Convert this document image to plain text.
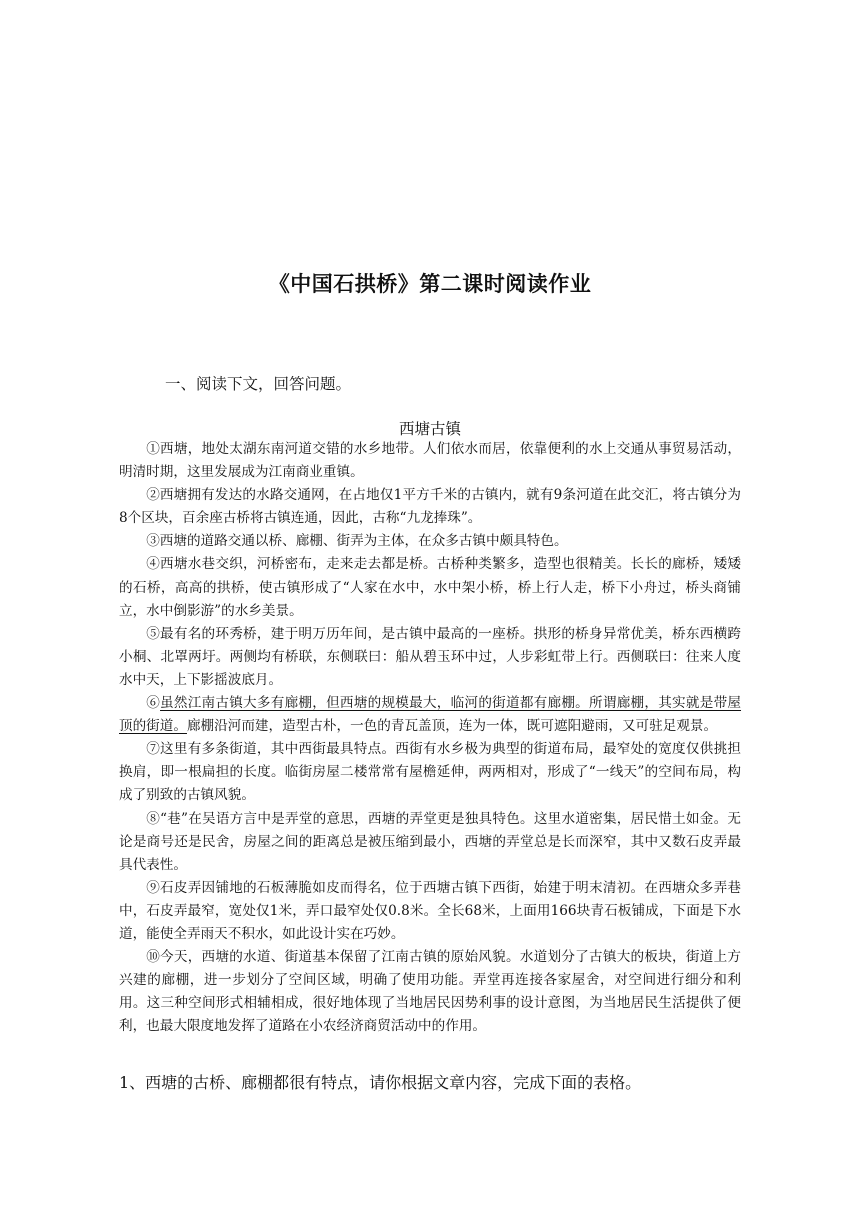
《中国石拱桥》第二课时阅读作业
一、阅读下文，回答问题。
西塘古镇

①西塘，地处太湖东南河道交错的水乡地带。人们依水而居，依靠便利的水上交通从事贸易活动，明清时期，这里发展成为江南商业重镇。

②西塘拥有发达的水路交通网，在占地仅1平方千米的古镇内，就有9条河道在此交汇，将古镇分为8个区块，百余座古桥将古镇连通，因此，古称“九龙捧珠”。

③西塘的道路交通以桥、廊棚、街弄为主体，在众多古镇中颇具特色。

④西塘水巷交织，河桥密布，走来走去都是桥。古桥种类繁多，造型也很精美。长长的廊桥，矮矮的石桥，高高的拱桥，使古镇形成了“人家在水中，水中架小桥，桥上行人走，桥下小舟过，桥头商铺立，水中倒影游”的水乡美景。

⑤最有名的环秀桥，建于明万历年间，是古镇中最高的一座桥。拱形的桥身异常优美，桥东西横跨小桐、北罩两圩。两侧均有桥联，东侧联曰：船从碧玉环中过，人步彩虹带上行。西侧联曰：往来人度水中天，上下影摇波底月。

⑥虽然江南古镇大多有廊棚，但西塘的规模最大，临河的街道都有廊棚。所谓廊棚，其实就是带屋顶的街道。廊棚沿河而建，造型古朴，一色的青瓦盖顶，连为一体，既可遮阳避雨，又可驻足观景。

⑦这里有多条街道，其中西街最具特点。西街有水乡极为典型的街道布局，最窄处的宽度仅供挑担换肩，即一根扁担的长度。临街房屋二楼常常有屋檐延伸，两两相对，形成了“一线天”的空间布局，构成了别致的古镇风貌。

⑧“巷”在吴语方言中是弄堂的意思，西塘的弄堂更是独具特色。这里水道密集，居民惜土如金。无论是商号还是民舍，房屋之间的距离总是被压缩到最小，西塘的弄堂总是长而深窄，其中又数石皮弄最具代表性。

⑨石皮弄因铺地的石板薄脆如皮而得名，位于西塘古镇下西街，始建于明末清初。在西塘众多弄巷中，石皮弄最窄，宽处仅1米，弄口最窄处仅0.8米。全长68米，上面用166块青石板铺成，下面是下水道，能使全弄雨天不积水，如此设计实在巧妙。

⑩今天，西塘的水道、街道基本保留了江南古镇的原始风貌。水道划分了古镇大的板块，街道上方兴建的廊棚，进一步划分了空间区域，明确了使用功能。弄堂再连接各家屋舍，对空间进行细分和利用。这三种空间形式相辅相成，很好地体现了当地居民因势利事的设计意图，为当地居民生活提供了便利，也最大限度地发挥了道路在小农经济商贸活动中的作用。

1、西塘的古桥、廊棚都很有特点，请你根据文章内容，完成下面的表格。
